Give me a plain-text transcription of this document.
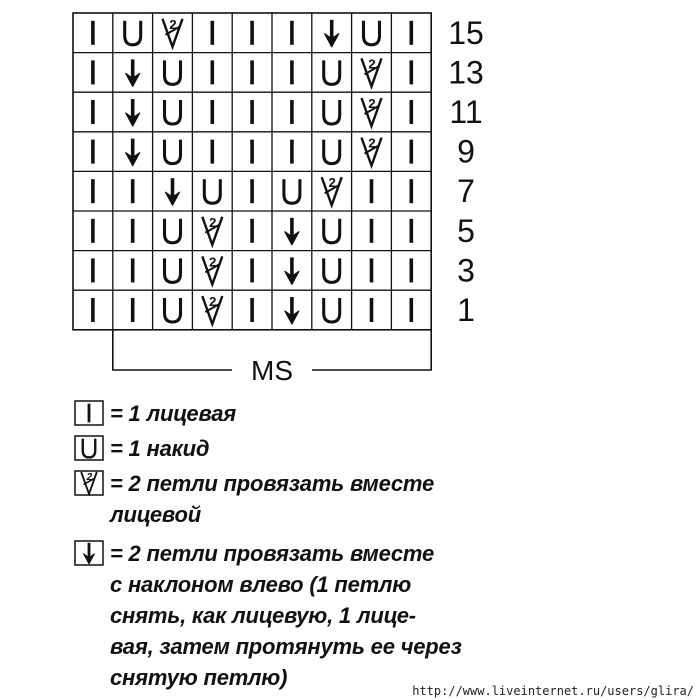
2
2
2
2
2
2
2
2
15
13
11
9
7
5
3
1
MS
= 1 лицевая
= 1 накид
2 = 2 петли провязать вместе
лицевой
= 2 петли провязать вместе
с наклоном влево (1 петлю
снять, как лицевую, 1 лице-
вая, затем протянуть ее через
снятую петлю)
http://www.liveinternet.ru/users/glira/
